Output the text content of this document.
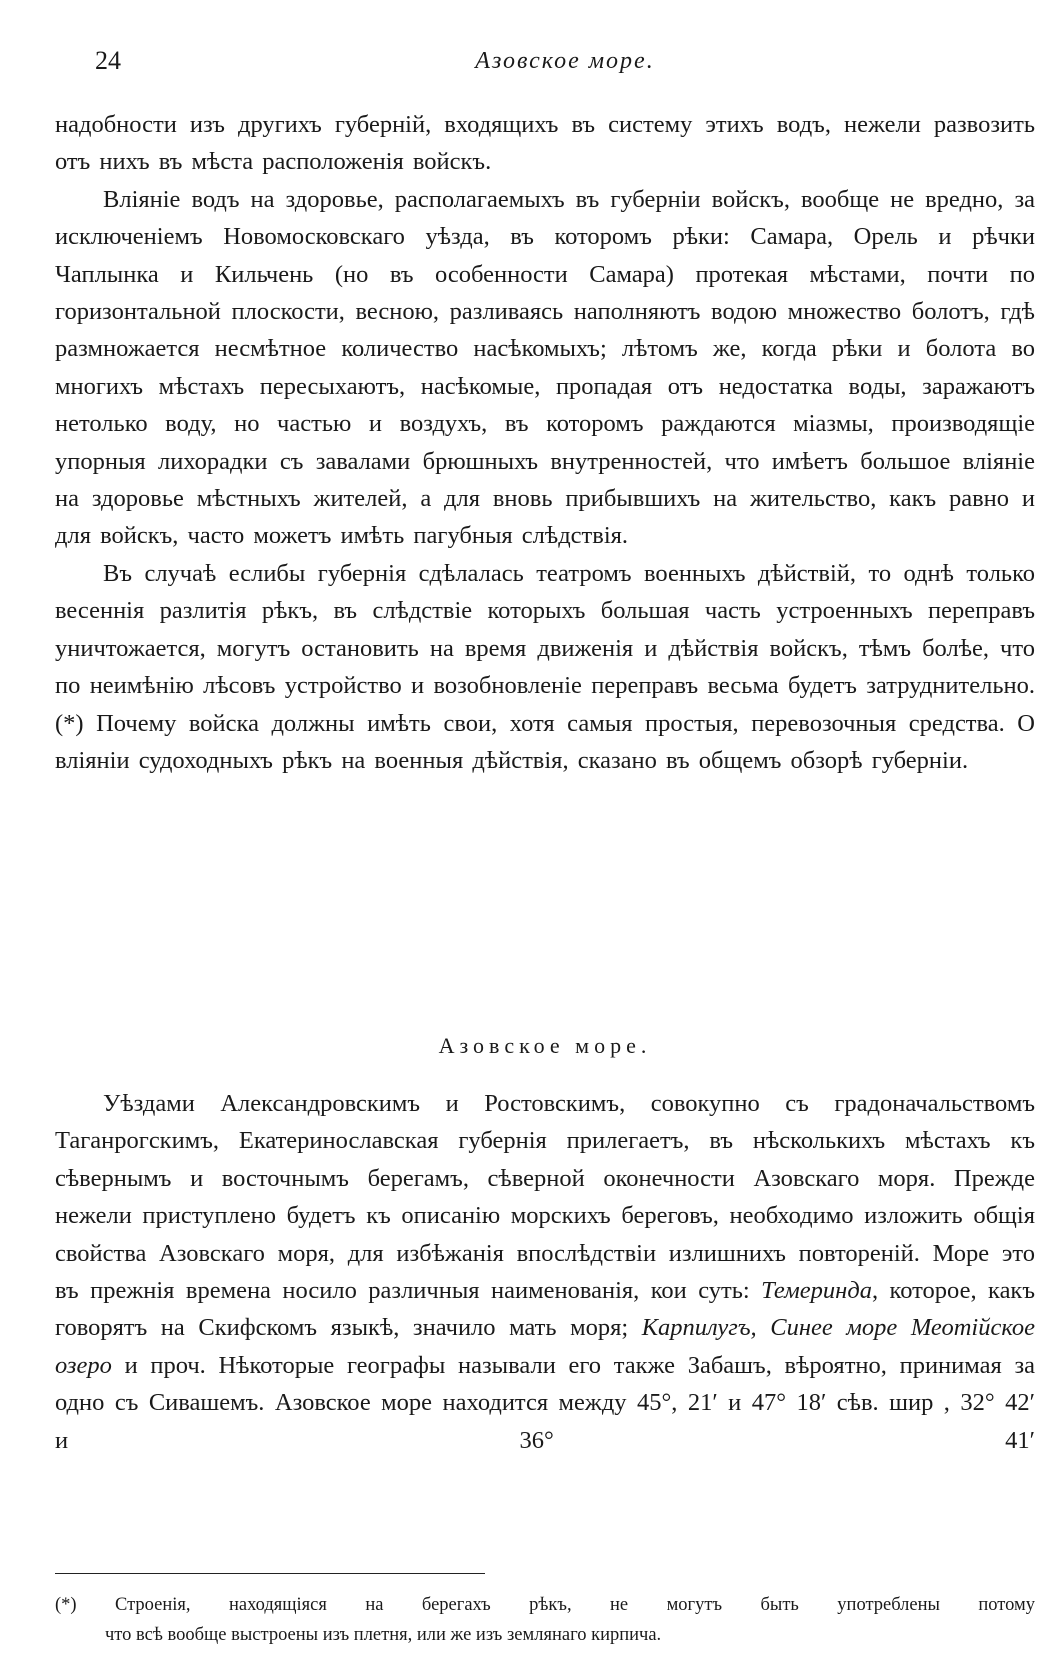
24	Азовское море.

надобности изъ другихъ губерній, входящихъ въ систему этихъ водъ, нежели развозить отъ нихъ въ мѣста расположенія войскъ.

Вліяніе водъ на здоровье, располагаемыхъ въ губерніи войскъ, вообще не вредно, за исключеніемъ Новомосковскаго уѣзда, въ которомъ рѣки: Самара, Орель и рѣчки Чаплынка и Кильчень (но въ особенности Самара) протекая мѣстами, почти по горизонтальной плоскости, весною, разливаясь наполняютъ водою множество болотъ, гдѣ размножается несмѣтное количество насѣкомыхъ; лѣтомъ же, когда рѣки и болота во многихъ мѣстахъ пересыхаютъ, насѣкомые, пропадая отъ недостатка воды, заражаютъ нетолько воду, но частью и воздухъ, въ которомъ раждаются міазмы, производящіе упорныя лихорадки съ завалами брюшныхъ внутренностей, что имѣетъ большое вліяніе на здоровье мѣстныхъ жителей, а для вновь прибывшихъ на жительство, какъ равно и для войскъ, часто можетъ имѣть пагубныя слѣдствія.

Въ случаѣ еслибы губернія сдѣлалась театромъ военныхъ дѣйствій, то однѣ только весеннія разлитія рѣкъ, въ слѣдствіе которыхъ большая часть устроенныхъ переправъ уничтожается, могутъ остановить на время движенія и дѣйствія войскъ, тѣмъ болѣе, что по неимѣнію лѣсовъ устройство и возобновленіе переправъ весьма будетъ затруднительно. (*) Почему войска должны имѣть свои, хотя самыя простыя, перевозочныя средства. О вліяніи судоходныхъ рѣкъ на военныя дѣйствія, сказано въ общемъ обзорѣ губерніи.

Азовское море.

Уѣздами Александровскимъ и Ростовскимъ, совокупно съ градоначальствомъ Таганрогскимъ, Екатеринославская губернія прилегаетъ, въ нѣсколькихъ мѣстахъ къ сѣвернымъ и восточнымъ берегамъ, сѣверной оконечности Азовскаго моря. Прежде нежели приступлено будетъ къ описанію морскихъ береговъ, необходимо изложить общія свойства Азовскаго моря, для избѣжанія впослѣдствіи излишнихъ повтореній. Море это въ прежнія времена носило различныя наименованія, кои суть: Темеринда, которое, какъ говорятъ на Скифскомъ языкѣ, значило мать моря; Карпилугъ, Синее море Меотійское озеро и проч. Нѣкоторые географы называли его также Забашъ, вѣроятно, принимая за одно съ Сивашемъ. Азовское море находится между 45°, 21′ и 47° 18′ сѣв. шир , 32° 42′ и 36° 41′

(*) Строенія, находящіяся на берегахъ рѣкъ, не могутъ быть употреблены потому
что всѣ вообще выстроены изъ плетня, или же изъ землянаго кирпича.
